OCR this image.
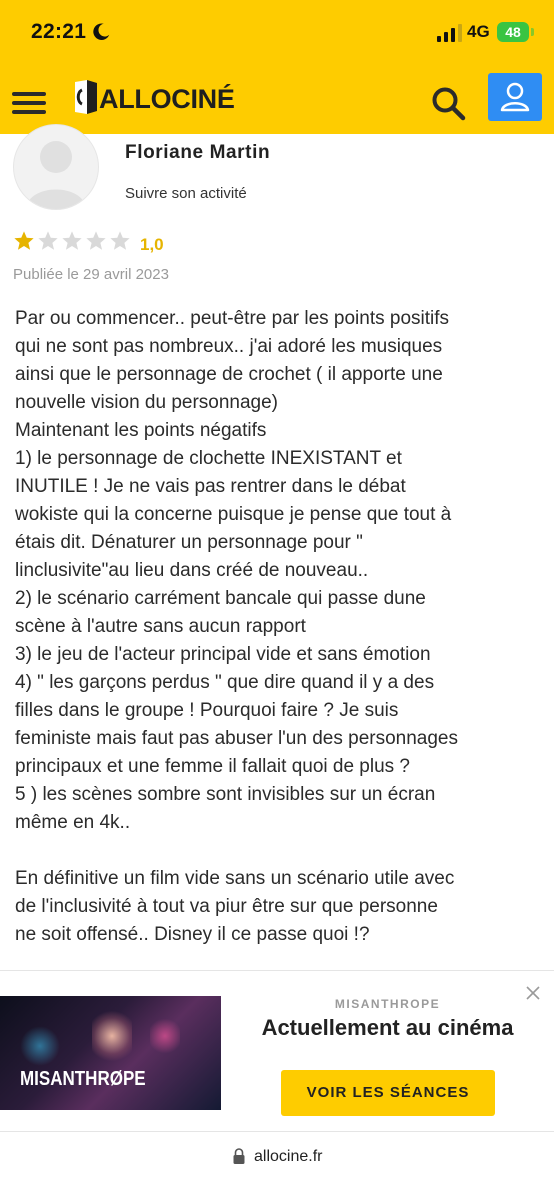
22:21	4G	48
ALLOCINÉ
Floriane Martin
Suivre son activité
1,0
Publiée le 29 avril 2023
Par ou commencer.. peut-être par les points positifs
qui ne sont pas nombreux.. j'ai adoré les musiques
ainsi que le personnage de crochet ( il apporte une
nouvelle vision du personnage)
Maintenant les points négatifs
1) le personnage de clochette INEXISTANT et
INUTILE ! Je ne vais pas rentrer dans le débat
wokiste qui la concerne puisque je pense que tout à
étais dit. Dénaturer un personnage pour "
linclusivite"au lieu dans créé de nouveau..
2) le scénario carrément bancale qui passe dune
scène à l'autre sans aucun rapport
3) le jeu de l'acteur principal vide et sans émotion
4) " les garçons perdus " que dire quand il y a des
filles dans le groupe ! Pourquoi faire ? Je suis
feministe mais faut pas abuser l'un des personnages
principaux et une femme il fallait quoi de plus ?
5 ) les scènes sombre sont invisibles sur un écran
même en 4k..

En définitive un film vide sans un scénario utile avec
de l'inclusivité à tout va piur être sur que personne
ne soit offensé.. Disney il ce passe quoi !?
MISANTHRØPE
MISANTHROPE
Actuellement au cinéma
VOIR LES SÉANCES
allocine.fr
